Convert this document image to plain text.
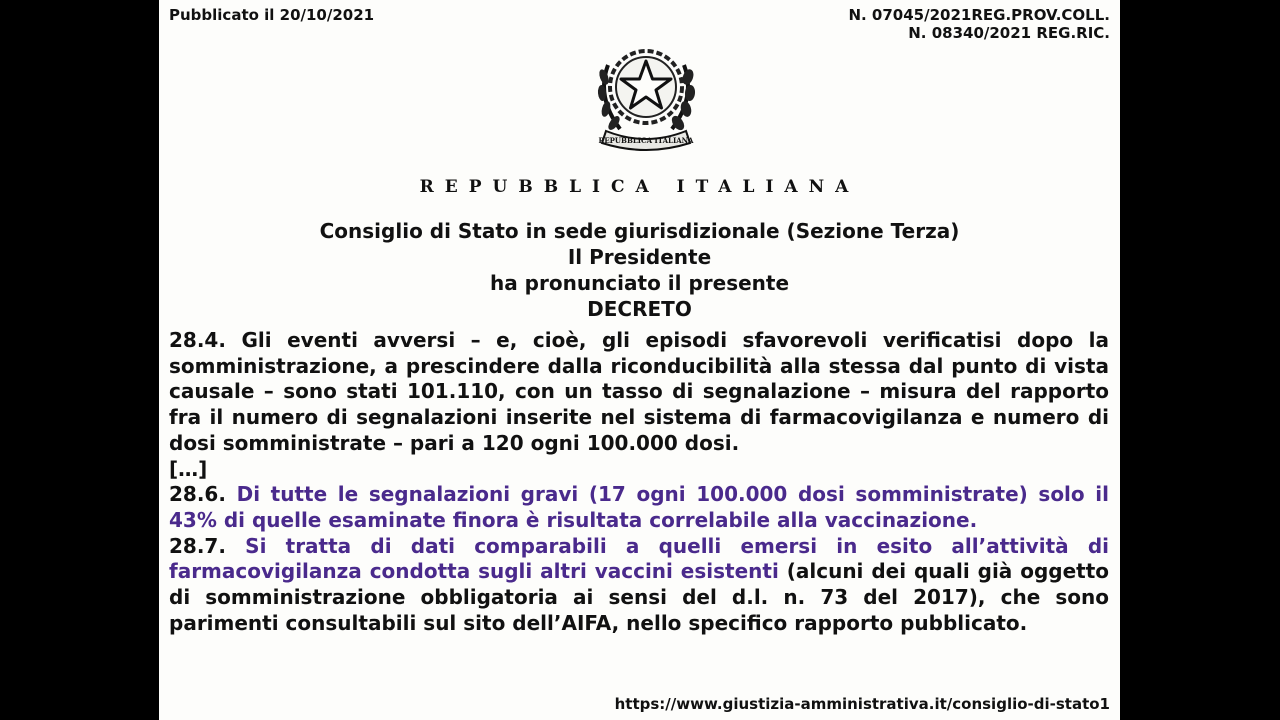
Pubblicato il 20/10/2021	N. 07045/2021REG.PROV.COLL.
N. 08340/2021 REG.RIC.
REPUBBLICA ITALIANA
REPUBBLICA ITALIANA
Consiglio di Stato in sede giurisdizionale (Sezione Terza)
Il Presidente
ha pronunciato il presente
DECRETO

28.4. Gli eventi avversi – e, cioè, gli episodi sfavorevoli verificatisi dopo la somministrazione, a prescindere dalla riconducibilità alla stessa dal punto di vista causale – sono stati 101.110, con un tasso di segnalazione – misura del rapporto fra il numero di segnalazioni inserite nel sistema di farmacovigilanza e numero di dosi somministrate – pari a 120 ogni 100.000 dosi.

[…]

28.6. Di tutte le segnalazioni gravi (17 ogni 100.000 dosi somministrate) solo il 43% di quelle esaminate finora è risultata correlabile alla vaccinazione.

28.7. Si tratta di dati comparabili a quelli emersi in esito all’attività di farmacovigilanza condotta sugli altri vaccini esistenti (alcuni dei quali già oggetto di somministrazione obbligatoria ai sensi del d.l. n. 73 del 2017), che sono parimenti consultabili sul sito dell’AIFA, nello specifico rapporto pubblicato.

https://www.giustizia-amministrativa.it/consiglio-di-stato1
